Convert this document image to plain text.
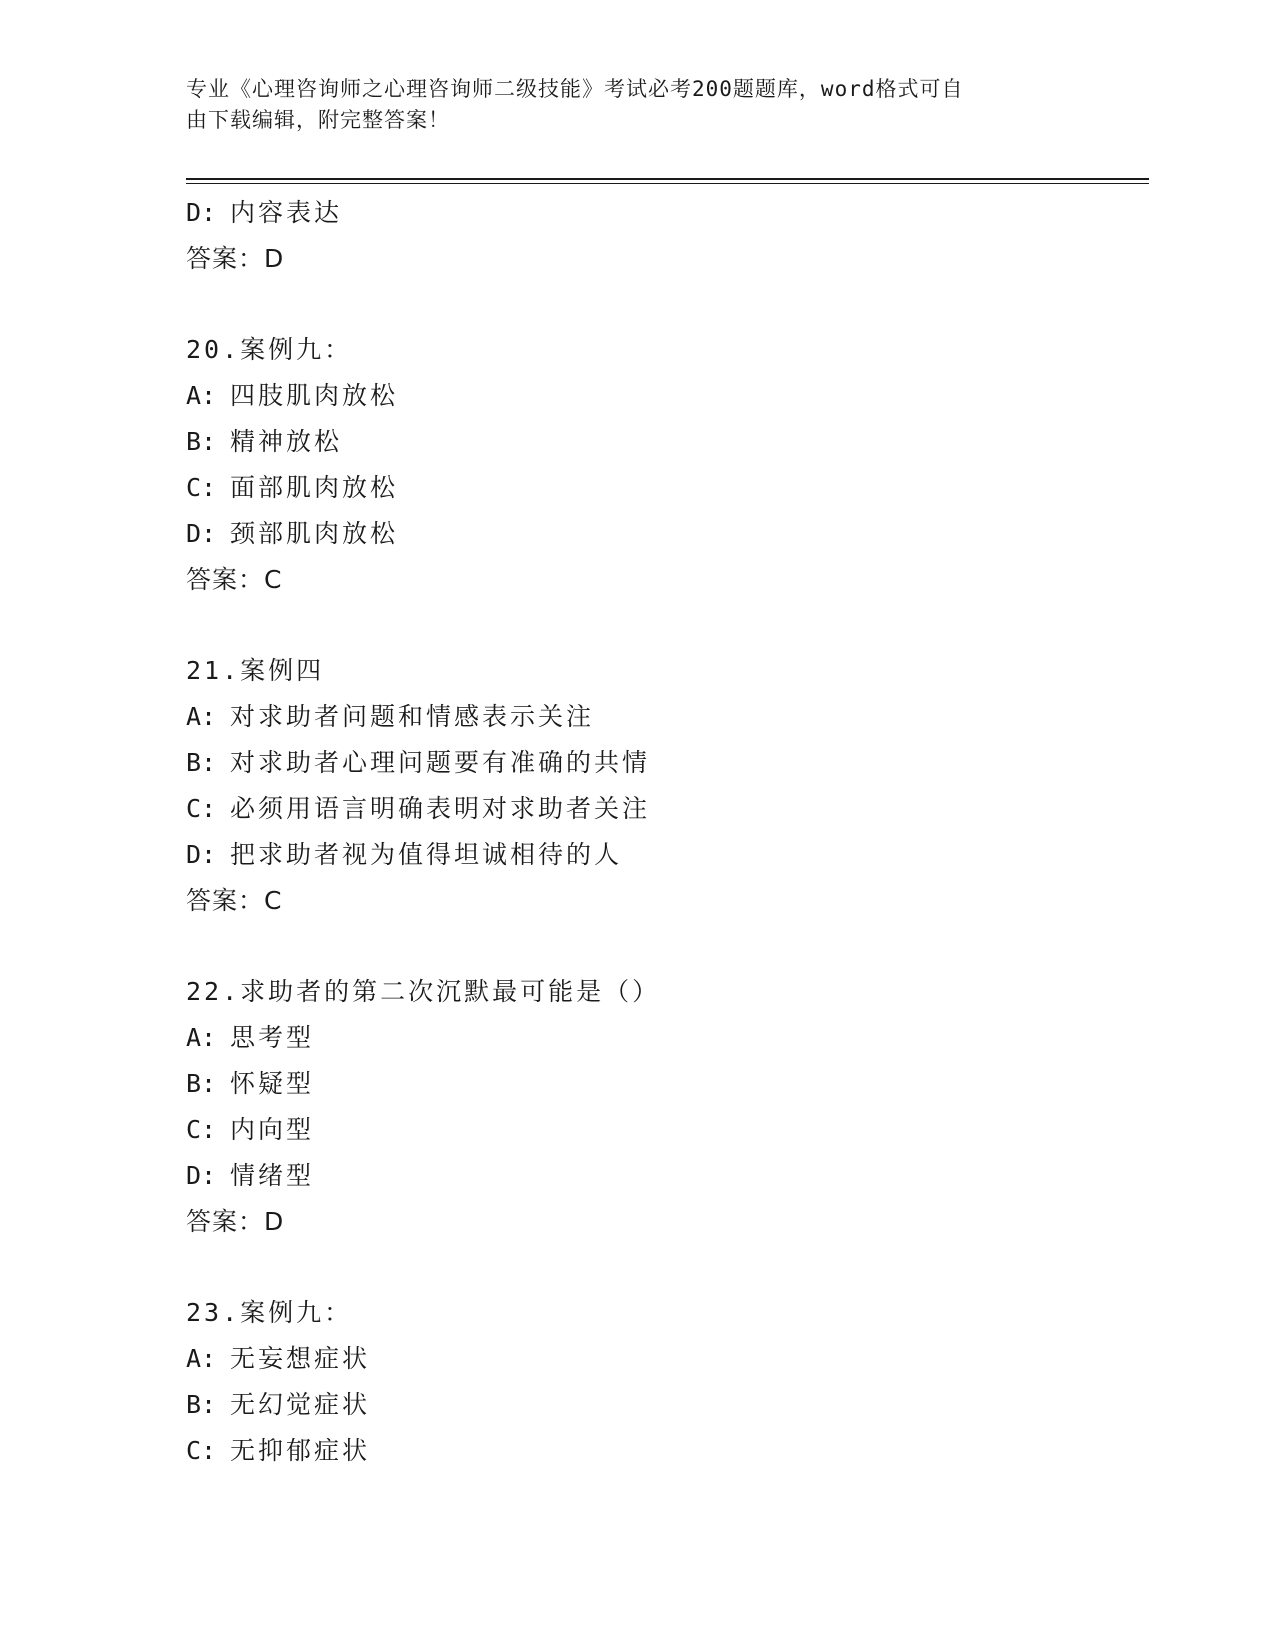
专业《心理咨询师之心理咨询师二级技能》考试必考200题题库，word格式可自
由下载编辑，附完整答案！
D: 内容表达
答案：D
20.案例九：
A: 四肢肌肉放松
B: 精神放松
C: 面部肌肉放松
D: 颈部肌肉放松
答案：C
21.案例四
A: 对求助者问题和情感表示关注
B: 对求助者心理问题要有准确的共情
C: 必须用语言明确表明对求助者关注
D: 把求助者视为值得坦诚相待的人
答案：C
22.求助者的第二次沉默最可能是（）
A: 思考型
B: 怀疑型
C: 内向型
D: 情绪型
答案：D
23.案例九：
A: 无妄想症状
B: 无幻觉症状
C: 无抑郁症状
